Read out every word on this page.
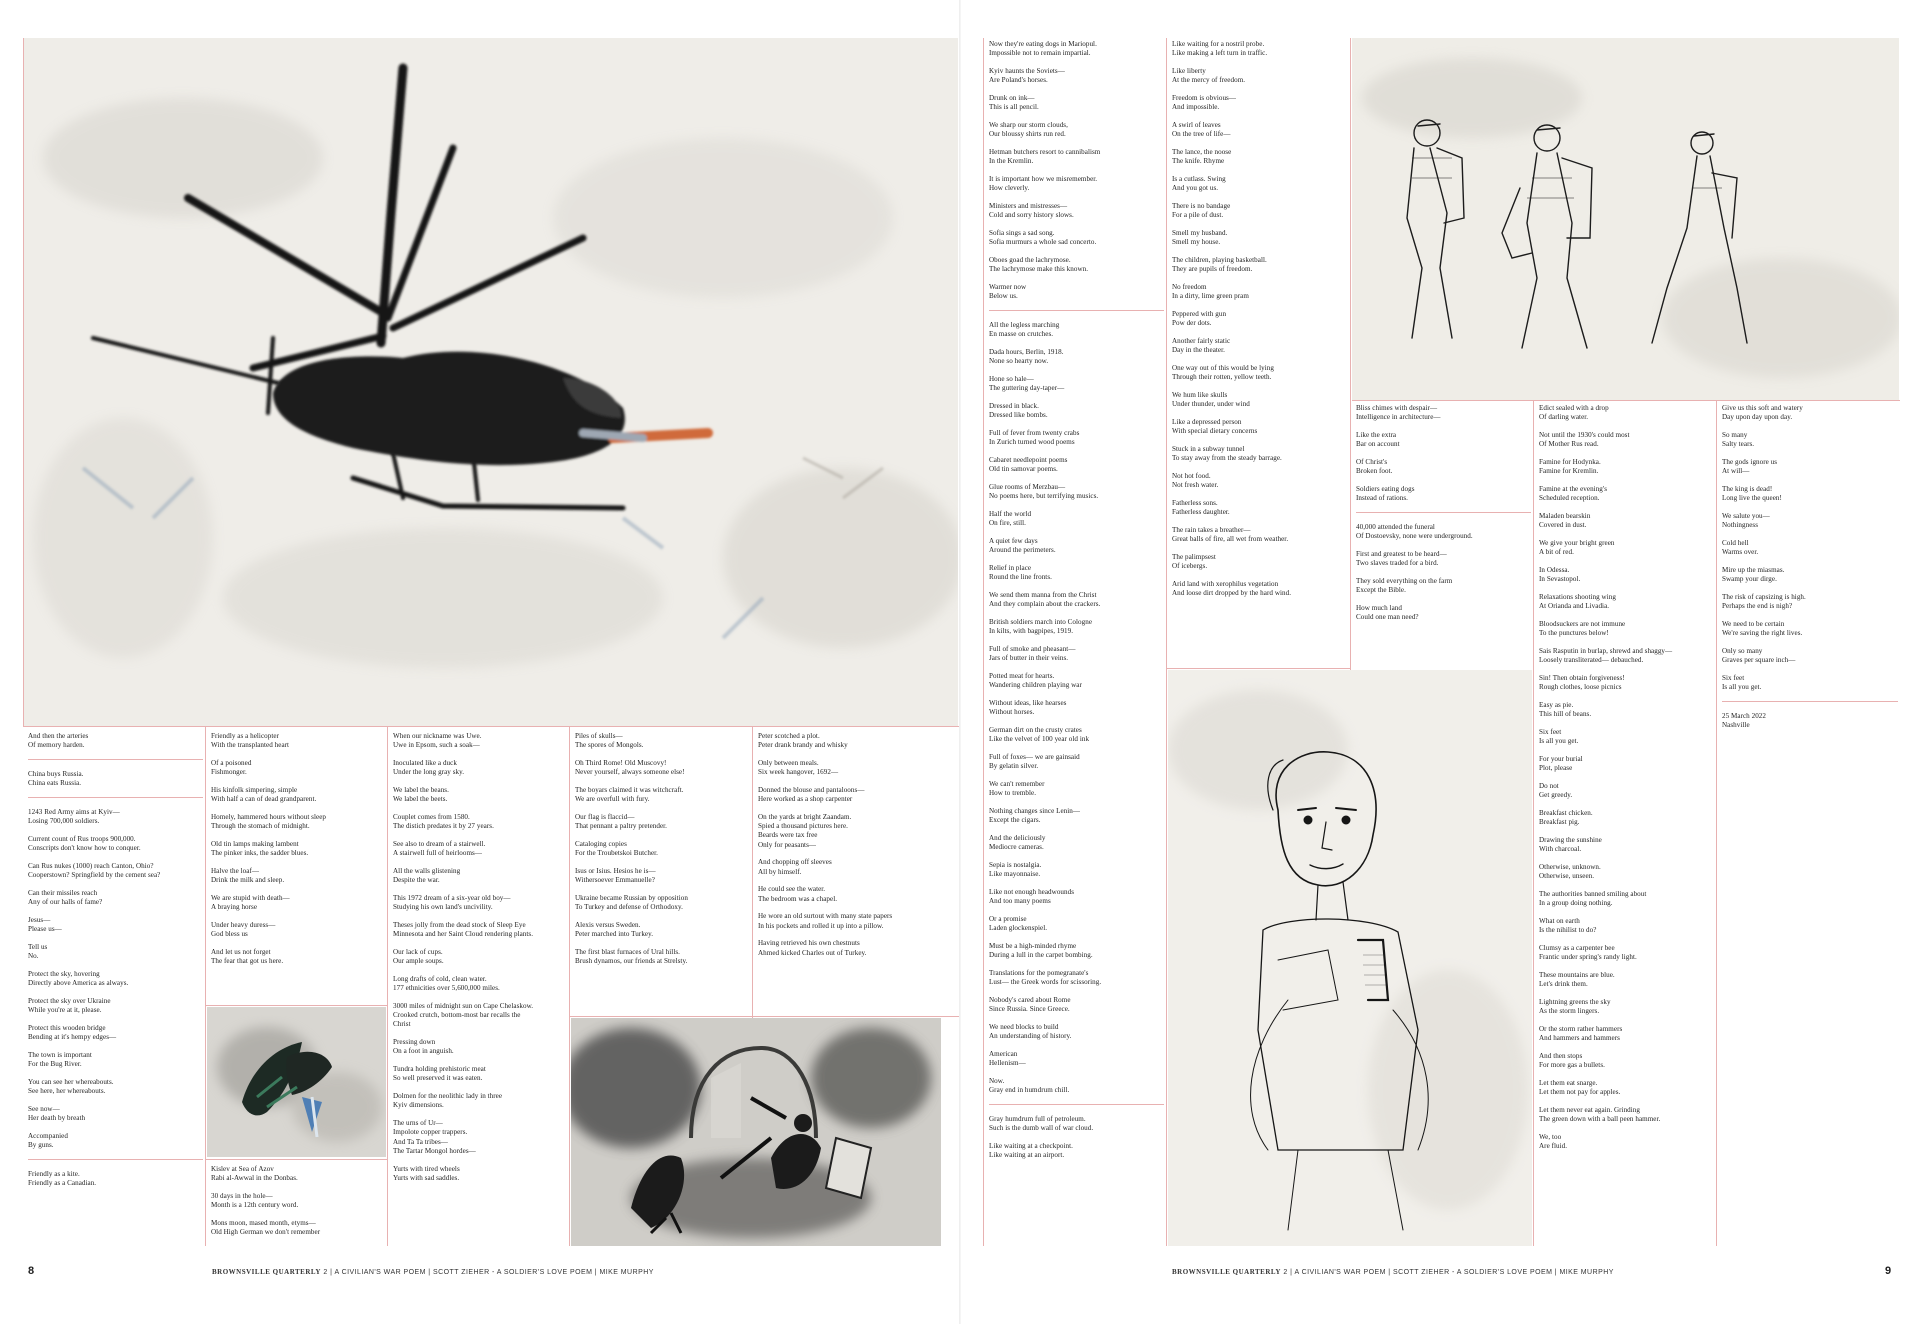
And then the arteries
Of memory harden.

China buys Russia.
China eats Russia.

1243 Red Army aims at Kyiv—
Losing 700,000 soldiers.

Current count of Rus troops 900,000.
Conscripts don't know how to conquer.

Can Rus nukes (1000) reach Canton, Ohio?
Cooperstown? Springfield by the cement sea?

Can their missiles reach
Any of our halls of fame?

Jesus—
Please us—

Tell us
No.

Protect the sky, hovering
Directly above America as always.

Protect the sky over Ukraine
While you're at it, please.

Protect this wooden bridge
Bending at it's hempy edges—

The town is important
For the Bug River.

You can see her whereabouts.
See here, her whereabouts.

See now—
Her death by breath

Accompanied
By guns.

Friendly as a kite.
Friendly as a Canadian.

Friendly as a helicopter
With the transplanted heart

Of a poisoned
Fishmonger.

His kinfolk simpering, simple
With half a can of dead grandparent.

Homely, hammered hours without sleep
Through the stomach of midnight.

Old tin lamps making lambent
The pinker inks, the sadder blues.

Halve the loaf—
Drink the milk and sleep.

We are stupid with death—
A braying horse

Under heavy duress—
God bless us

And let us not forget
The fear that got us here.

Kislev at Sea of Azov
Rabi al-Awwal in the Donbas.

30 days in the hole—
Month is a 12th century word.

Mons moon, mased month, etyms—
Old High German we don't remember

When our nickname was Uwe.
Uwe in Epsom, such a soak—

Inoculated like a duck
Under the long gray sky.

We label the beans.
We label the beets.

Couplet comes from 1580.
The distich predates it by 27 years.

See also to dream of a stairwell.
A stairwell full of heirlooms—

All the walls glistening
Despite the war.

This 1972 dream of a six-year old boy—
Studying his own land's uncivility.

Theses jolly from the dead stock of Sleep Eye
Minnesota and her Saint Cloud rendering plants.

Our lack of cups.
Our ample soups.

Long drafts of cold, clean water.
177 ethnicities over 5,600,000 miles.

3000 miles of midnight sun on Cape Chelaskow.
Crooked crutch, bottom-most bar recalls the
Christ

Pressing down
On a foot in anguish.

Tundra holding prehistoric meat
So well preserved it was eaten.

Dolmen for the neolithic lady in three
Kyiv dimensions.

The urns of Ur—
Impolote copper trappers.
And Ta Ta tribes—
The Tartar Mongol hordes—

Yurts with tired wheels
Yurts with sad saddles.

Piles of skulls—
The spores of Mongols.

Oh Third Rome! Old Muscovy!
Never yourself, always someone else!

The boyars claimed it was witchcraft.
We are overfull with fury.

Our flag is flaccid—
That pennant a paltry pretender.

Cataloging copies
For the Troubetskoi Butcher.

Isus or Isius. Hesios he is—
Withersoever Emmanuelle?

Ukraine became Russian by opposition
To Turkey and defense of Orthodoxy.

Alexis versus Sweden.
Peter marched into Turkey.

The first blast furnaces of Ural hills.
Brush dynamos, our friends at Strelsty.

Peter scotched a plot.
Peter drank brandy and whisky

Only between meals.
Six week hangover, 1692—

Donned the blouse and pantaloons—
Here worked as a shop carpenter

On the yards at bright Zaandam.
Spied a thousand pictures here.
Beards were tax free
Only for peasants—

And chopping off sleeves
All by himself.

He could see the water.
The bedroom was a chapel.

He wore an old surtout with many state papers
In his pockets and rolled it up into a pillow.

Having retrieved his own chestnuts
Ahmed kicked Charles out of Turkey.

8	BROWNSVILLE QUARTERLY 2 | A CIVILIAN'S WAR POEM | SCOTT ZIEHER - A SOLDIER'S LOVE POEM | MIKE MURPHY

Now they're eating dogs in Mariopul.
Impossible not to remain impartial.

Kyiv haunts the Soviets—
Are Poland's horses.

Drunk on ink—
This is all pencil.

We sharp our storm clouds,
Our bloussy shirts run red.

Hetman butchers resort to cannibalism
In the Kremlin.

It is important how we misremember.
How cleverly.

Ministers and mistresses—
Cold and sorry history slows.

Sofia sings a sad song.
Sofia murmurs a whole sad concerto.

Oboes goad the lachrymose.
The lachrymose make this known.

Warmer now
Below us.

All the legless marching
En masse on crutches.

Dada hours, Berlin, 1918.
None so hearty now.

Hone so hale—
The guttering day-taper—

Dressed in black.
Dressed like bombs.

Full of fever from twenty crabs
In Zurich turned wood poems

Cabaret needlepoint poems
Old tin samovar poems.

Glue rooms of Merzbau—
No poems here, but terrifying musics.

Half the world
On fire, still.

A quiet few days
Around the perimeters.

Relief in place
Round the line fronts.

We send them manna from the Christ
And they complain about the crackers.

British soldiers march into Cologne
In kilts, with bagpipes, 1919.

Full of smoke and pheasant—
Jars of butter in their veins.

Potted meat for hearts.
Wandering children playing war

Without ideas, like hearses
Without horses.

German dirt on the crusty crates
Like the velvet of 100 year old ink

Full of foxes— we are gainsaid
By gelatin silver.

We can't remember
How to tremble.

Nothing changes since Lenin—
Except the cigars.

And the deliciously
Mediocre cameras.

Sepia is nostalgia.
Like mayonnaise.

Like not enough headwounds
And too many poems

Or a promise
Laden glockenspiel.

Must be a high-minded rhyme
During a lull in the carpet bombing.

Translations for the pomegranate's
Lust— the Greek words for scissoring.

Nobody's cared about Rome
Since Russia. Since Greece.

We need blocks to build
An understanding of history.

American
Hellenism—

Now.
Gray end in humdrum chill.

Gray humdrum full of petroleum.
Such is the dumb wall of war cloud.

Like waiting at a checkpoint.
Like waiting at an airport.

Like waiting for a nostril probe.
Like making a left turn in traffic.

Like liberty
At the mercy of freedom.

Freedom is obvious—
And impossible.

A swirl of leaves
On the tree of life—

The lance, the noose
The knife. Rhyme

Is a cutlass. Swing
And you got us.

There is no bandage
For a pile of dust.

Smell my husband.
Smell my house.

The children, playing basketball.
They are pupils of freedom.

No freedom
In a dirty, lime green pram

Peppered with gun
Pow der dots.

Another fairly static
Day in the theater.

One way out of this would be lying
Through their rotten, yellow teeth.

We hum like skulls
Under thunder, under wind

Like a depressed person
With special dietary concerns

Stuck in a subway tunnel
To stay away from the steady barrage.

Not hot food.
Not fresh water.

Fatherless sons.
Fatherless daughter.

The rain takes a breather—
Great balls of fire, all wet from weather.

The palimpsest
Of icebergs.

Arid land with xerophilus vegetation
And loose dirt dropped by the hard wind.

Bliss chimes with despair—
Intelligence in architecture—

Like the extra
Bar on account

Of Christ's
Broken foot.

Soldiers eating dogs
Instead of rations.

40,000 attended the funeral
Of Dostoevsky, none were underground.

First and greatest to be heard—
Two slaves traded for a bird.

They sold everything on the farm
Except the Bible.

How much land
Could one man need?

Edict sealed with a drop
Of darling water.

Not until the 1930's could most
Of Mother Rus read.

Famine for Hodynka.
Famine for Kremlin.

Famine at the evening's
Scheduled reception.

Maladen bearskin
Covered in dust.

We give your bright green
A bit of red.

In Odessa.
In Sevastopol.

Relaxations shooting wing
At Orianda and Livadia.

Bloodsuckers are not immune
To the punctures below!

Sais Rasputin in burlap, shrewd and shaggy—
Loosely transliterated— debauched.

Sin! Then obtain forgiveness!
Rough clothes, loose picnics

Easy as pie.
This hill of beans.

Six feet
Is all you get.

For your burial
Plot, please

Do not
Get greedy.

Breakfast chicken.
Breakfast pig.

Drawing the sunshine
With charcoal.

Otherwise, unknown.
Otherwise, unseen.

The authorities banned smiling about
In a group doing nothing.

What on earth
Is the nihilist to do?

Clumsy as a carpenter bee
Frantic under spring's randy light.

These mountains are blue.
Let's drink them.

Lightning greens the sky
As the storm lingers.

Or the storm rather hammers
And hammers and hammers

And then stops
For more gas a bullets.

Let them eat snarge.
Let them not pay for apples.

Let them never eat again. Grinding
The green down with a ball peen hammer.

We, too
Are fluid.

Give us this soft and watery
Day upon day upon day.

So many
Salty tears.

The gods ignore us
At will—

The king is dead!
Long live the queen!

We salute you—
Nothingness

Cold hell
Warms over.

Mire up the miasmas.
Swamp your dirge.

The risk of capsizing is high.
Perhaps the end is nigh?

We need to be certain
We're saving the right lives.

Only so many
Graves per square inch—

Six feet
Is all you get.

25 March 2022
Nashville

BROWNSVILLE QUARTERLY 2 | A CIVILIAN'S WAR POEM | SCOTT ZIEHER - A SOLDIER'S LOVE POEM | MIKE MURPHY	9
